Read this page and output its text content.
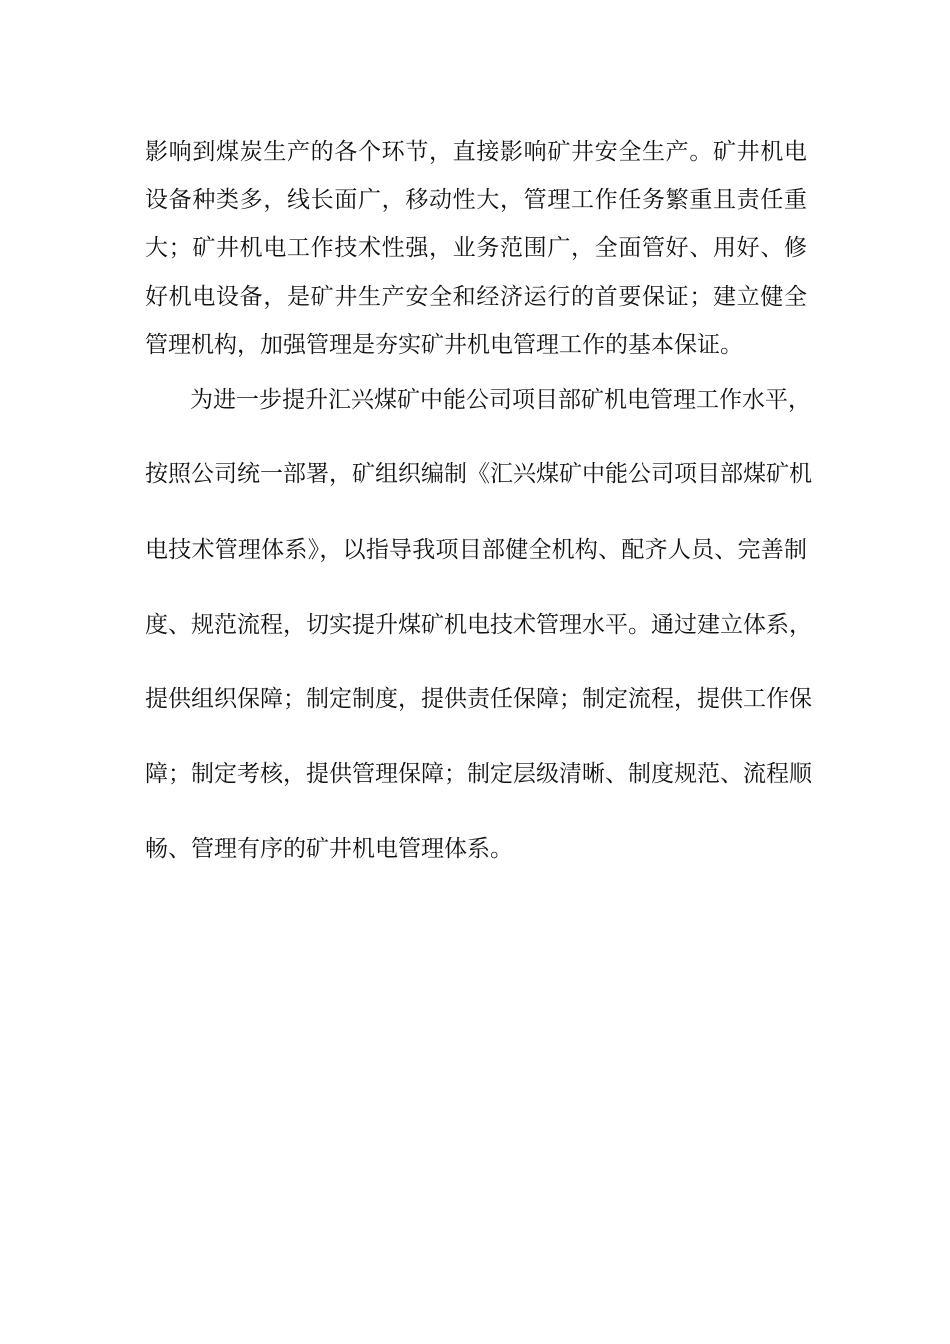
影响到煤炭生产的各个环节，直接影响矿井安全生产。矿井机电
设备种类多，线长面广，移动性大，管理工作任务繁重且责任重
大；矿井机电工作技术性强，业务范围广，全面管好、用好、修
好机电设备，是矿井生产安全和经济运行的首要保证；建立健全
管理机构，加强管理是夯实矿井机电管理工作的基本保证。
为进一步提升汇兴煤矿中能公司项目部矿机电管理工作水平，
按照公司统一部署，矿组织编制《汇兴煤矿中能公司项目部煤矿机
电技术管理体系》，以指导我项目部健全机构、配齐人员、完善制
度、规范流程，切实提升煤矿机电技术管理水平。通过建立体系，
提供组织保障；制定制度，提供责任保障；制定流程，提供工作保
障；制定考核，提供管理保障；制定层级清晰、制度规范、流程顺
畅、管理有序的矿井机电管理体系。
